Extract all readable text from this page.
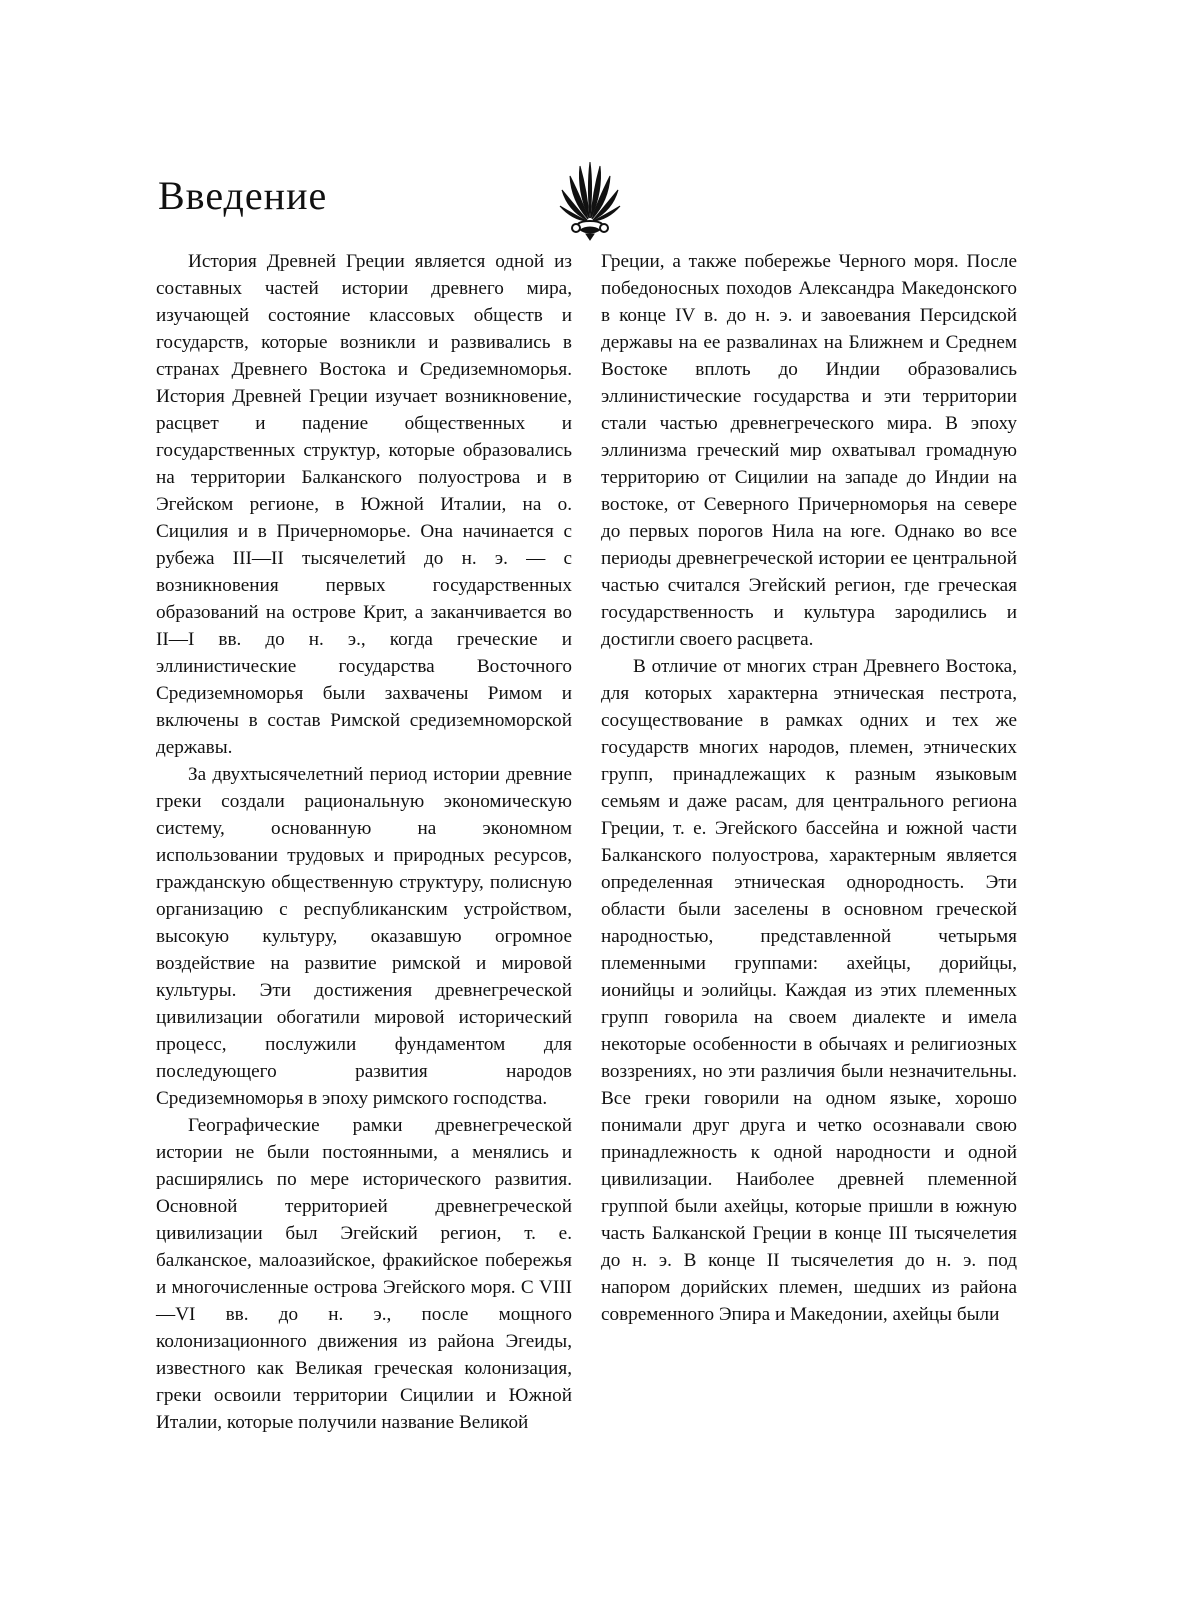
Введение

История Древней Греции является одной из составных частей истории древнего мира, изучающей состояние классовых обществ и государств, которые возникли и развивались в странах Древнего Востока и Средиземноморья. История Древней Греции изучает возникновение, расцвет и падение общественных и государственных структур, которые образовались на территории Балканского полуострова и в Эгейском регионе, в Южной Италии, на о. Сицилия и в Причерноморье. Она начинается с рубежа III—II тысячелетий до н. э. — с возникновения первых государственных образований на острове Крит, а заканчивается во II—I вв. до н. э., когда греческие и эллинистические государства Восточного Средиземноморья были захвачены Римом и включены в состав Римской средиземноморской державы.

За двухтысячелетний период истории древние греки создали рациональную экономическую систему, основанную на экономном использовании трудовых и природных ресурсов, гражданскую общественную структуру, полисную организацию с республиканским устройством, высокую культуру, оказавшую огромное воздействие на развитие римской и мировой культуры. Эти достижения древнегреческой цивилизации обогатили мировой исторический процесс, послужили фундаментом для последующего развития народов Средиземноморья в эпоху римского господства.

Географические рамки древнегреческой истории не были постоянными, а менялись и расширялись по мере исторического развития. Основной территорией древнегреческой цивилизации был Эгейский регион, т. е. балканское, малоазийское, фракийское побережья и многочисленные острова Эгейского моря. С VIII—VI вв. до н. э., после мощного колонизационного движения из района Эгеиды, известного как Великая греческая колонизация, греки освоили территории Сицилии и Южной Италии, которые получили название Великой

Греции, а также побережье Черного моря. После победоносных походов Александра Македонского в конце IV в. до н. э. и завоевания Персидской державы на ее развалинах на Ближнем и Среднем Востоке вплоть до Индии образовались эллинистические государства и эти территории стали частью древнегреческого мира. В эпоху эллинизма греческий мир охватывал громадную территорию от Сицилии на западе до Индии на востоке, от Северного Причерноморья на севере до первых порогов Нила на юге. Однако во все периоды древнегреческой истории ее центральной частью считался Эгейский регион, где греческая государственность и культура зародились и достигли своего расцвета.

В отличие от многих стран Древнего Востока, для которых характерна этническая пестрота, сосуществование в рамках одних и тех же государств многих народов, племен, этнических групп, принадлежащих к разным языковым семьям и даже расам, для центрального региона Греции, т. е. Эгейского бассейна и южной части Балканского полуострова, характерным является определенная этническая однородность. Эти области были заселены в основном греческой народностью, представленной четырьмя племенными группами: ахейцы, дорийцы, ионийцы и эолийцы. Каждая из этих племенных групп говорила на своем диалекте и имела некоторые особенности в обычаях и религиозных воззрениях, но эти различия были незначительны. Все греки говорили на одном языке, хорошо понимали друг друга и четко осознавали свою принадлежность к одной народности и одной цивилизации. Наиболее древней племенной группой были ахейцы, которые пришли в южную часть Балканской Греции в конце III тысячелетия до н. э. В конце II тысячелетия до н. э. под напором дорийских племен, шедших из района современного Эпира и Македонии, ахейцы были
